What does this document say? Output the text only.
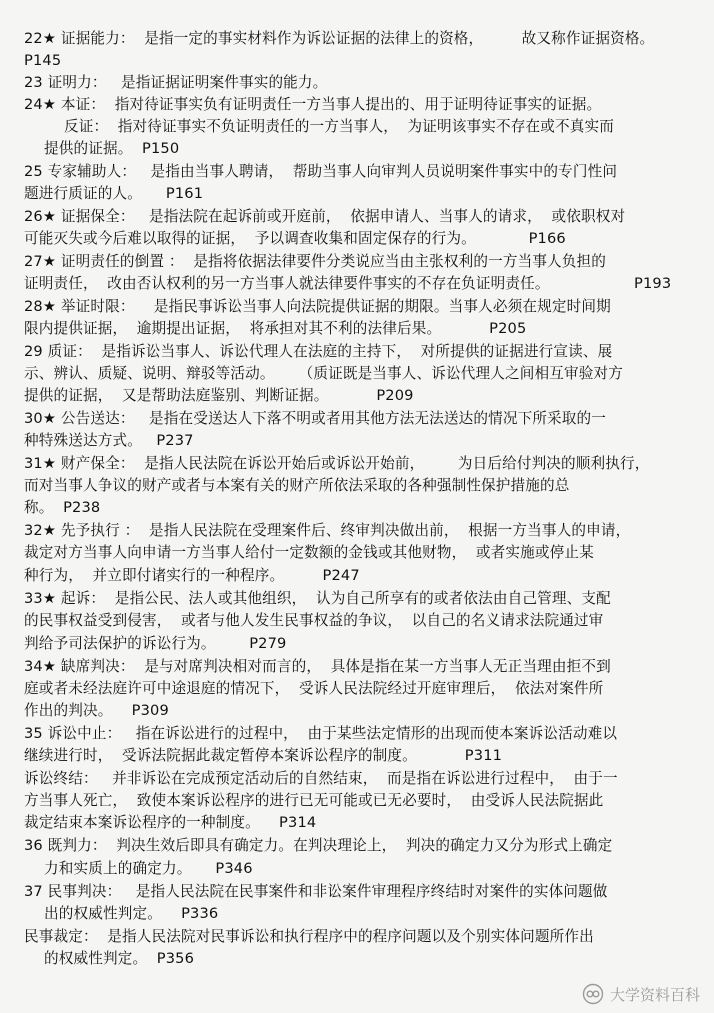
22★ 证据能力：  是指一定的事实材料作为诉讼证据的法律上的资格，        故又称作证据资格。
P145
23 证明力：   是指证据证明案件事实的能力。
24★ 本证：  指对待证事实负有证明责任一方当事人提出的、用于证明待证事实的证据。
反证：  指对待证事实不负证明责任的一方当事人，  为证明该事实不存在或不真实而
提供的证据。  P150
25 专家辅助人：   是指由当事人聘请，  帮助当事人向审判人员说明案件事实中的专门性问
题进行质证的人。     P161
26★ 证据保全：   是指法院在起诉前或开庭前，  依据申请人、当事人的请求，  或依职权对
可能灭失或今后难以取得的证据，  予以调查收集和固定保存的行为。           P166
27★ 证明责任的倒置 ：  是指将依据法律要件分类说应当由主张权利的一方当事人负担的
证明责任，  改由否认权利的另一方当事人就法律要件事实的不存在负证明责任。	P193
28★ 举证时限：    是指民事诉讼当事人向法院提供证据的期限。当事人必须在规定时间期
限内提供证据，  逾期提出证据，  将承担对其不利的法律后果。          P205
29 质证：  是指诉讼当事人、诉讼代理人在法庭的主持下，  对所提供的证据进行宣读、展
示、辨认、质疑、说明、辩驳等活动。     （质证既是当事人、诉讼代理人之间相互审验对方
提供的证据，  又是帮助法庭鉴别、判断证据。          P209
30★ 公告送达：   是指在受送达人下落不明或者用其他方法无法送达的情况下所采取的一
种特殊送达方式。   P237
31★ 财产保全：  是指人民法院在诉讼开始后或诉讼开始前，       为日后给付判决的顺利执行，
而对当事人争议的财产或者与本案有关的财产所依法采取的各种强制性保护措施的总
称。  P238
32★ 先予执行 ：  是指人民法院在受理案件后、终审判决做出前，  根据一方当事人的申请，
裁定对方当事人向申请一方当事人给付一定数额的金钱或其他财物，  或者实施或停止某
种行为，  并立即付诸实行的一种程序。        P247
33★ 起诉：  是指公民、法人或其他组织，  认为自己所享有的或者依法由自己管理、支配
的民事权益受到侵害，  或者与他人发生民事权益的争议，  以自己的名义请求法院通过审
判给予司法保护的诉讼行为。       P279
34★ 缺席判决：  是与对席判决相对而言的，  具体是指在某一方当事人无正当理由拒不到
庭或者未经法庭许可中途退庭的情况下，  受诉人民法院经过开庭审理后，  依法对案件所
作出的判决。    P309
35 诉讼中止：   指在诉讼进行的过程中，  由于某些法定情形的出现而使本案诉讼活动难以
继续进行时，  受诉法院据此裁定暂停本案诉讼程序的制度。          P311
诉讼终结：   并非诉讼在完成预定活动后的自然结束，  而是指在诉讼进行过程中，  由于一
方当事人死亡，  致使本案诉讼程序的进行已无可能或已无必要时，  由受诉人民法院据此
裁定结束本案诉讼程序的一种制度。    P314
36 既判力：  判决生效后即具有确定力。在判决理论上，  判决的确定力又分为形式上确定
力和实质上的确定力。     P346
37 民事判决：   是指人民法院在民事案件和非讼案件审理程序终结时对案件的实体问题做
出的权威性判定。    P336
民事裁定：  是指人民法院对民事诉讼和执行程序中的程序问题以及个别实体问题所作出
的权威性判定。  P356
大学资料百科
